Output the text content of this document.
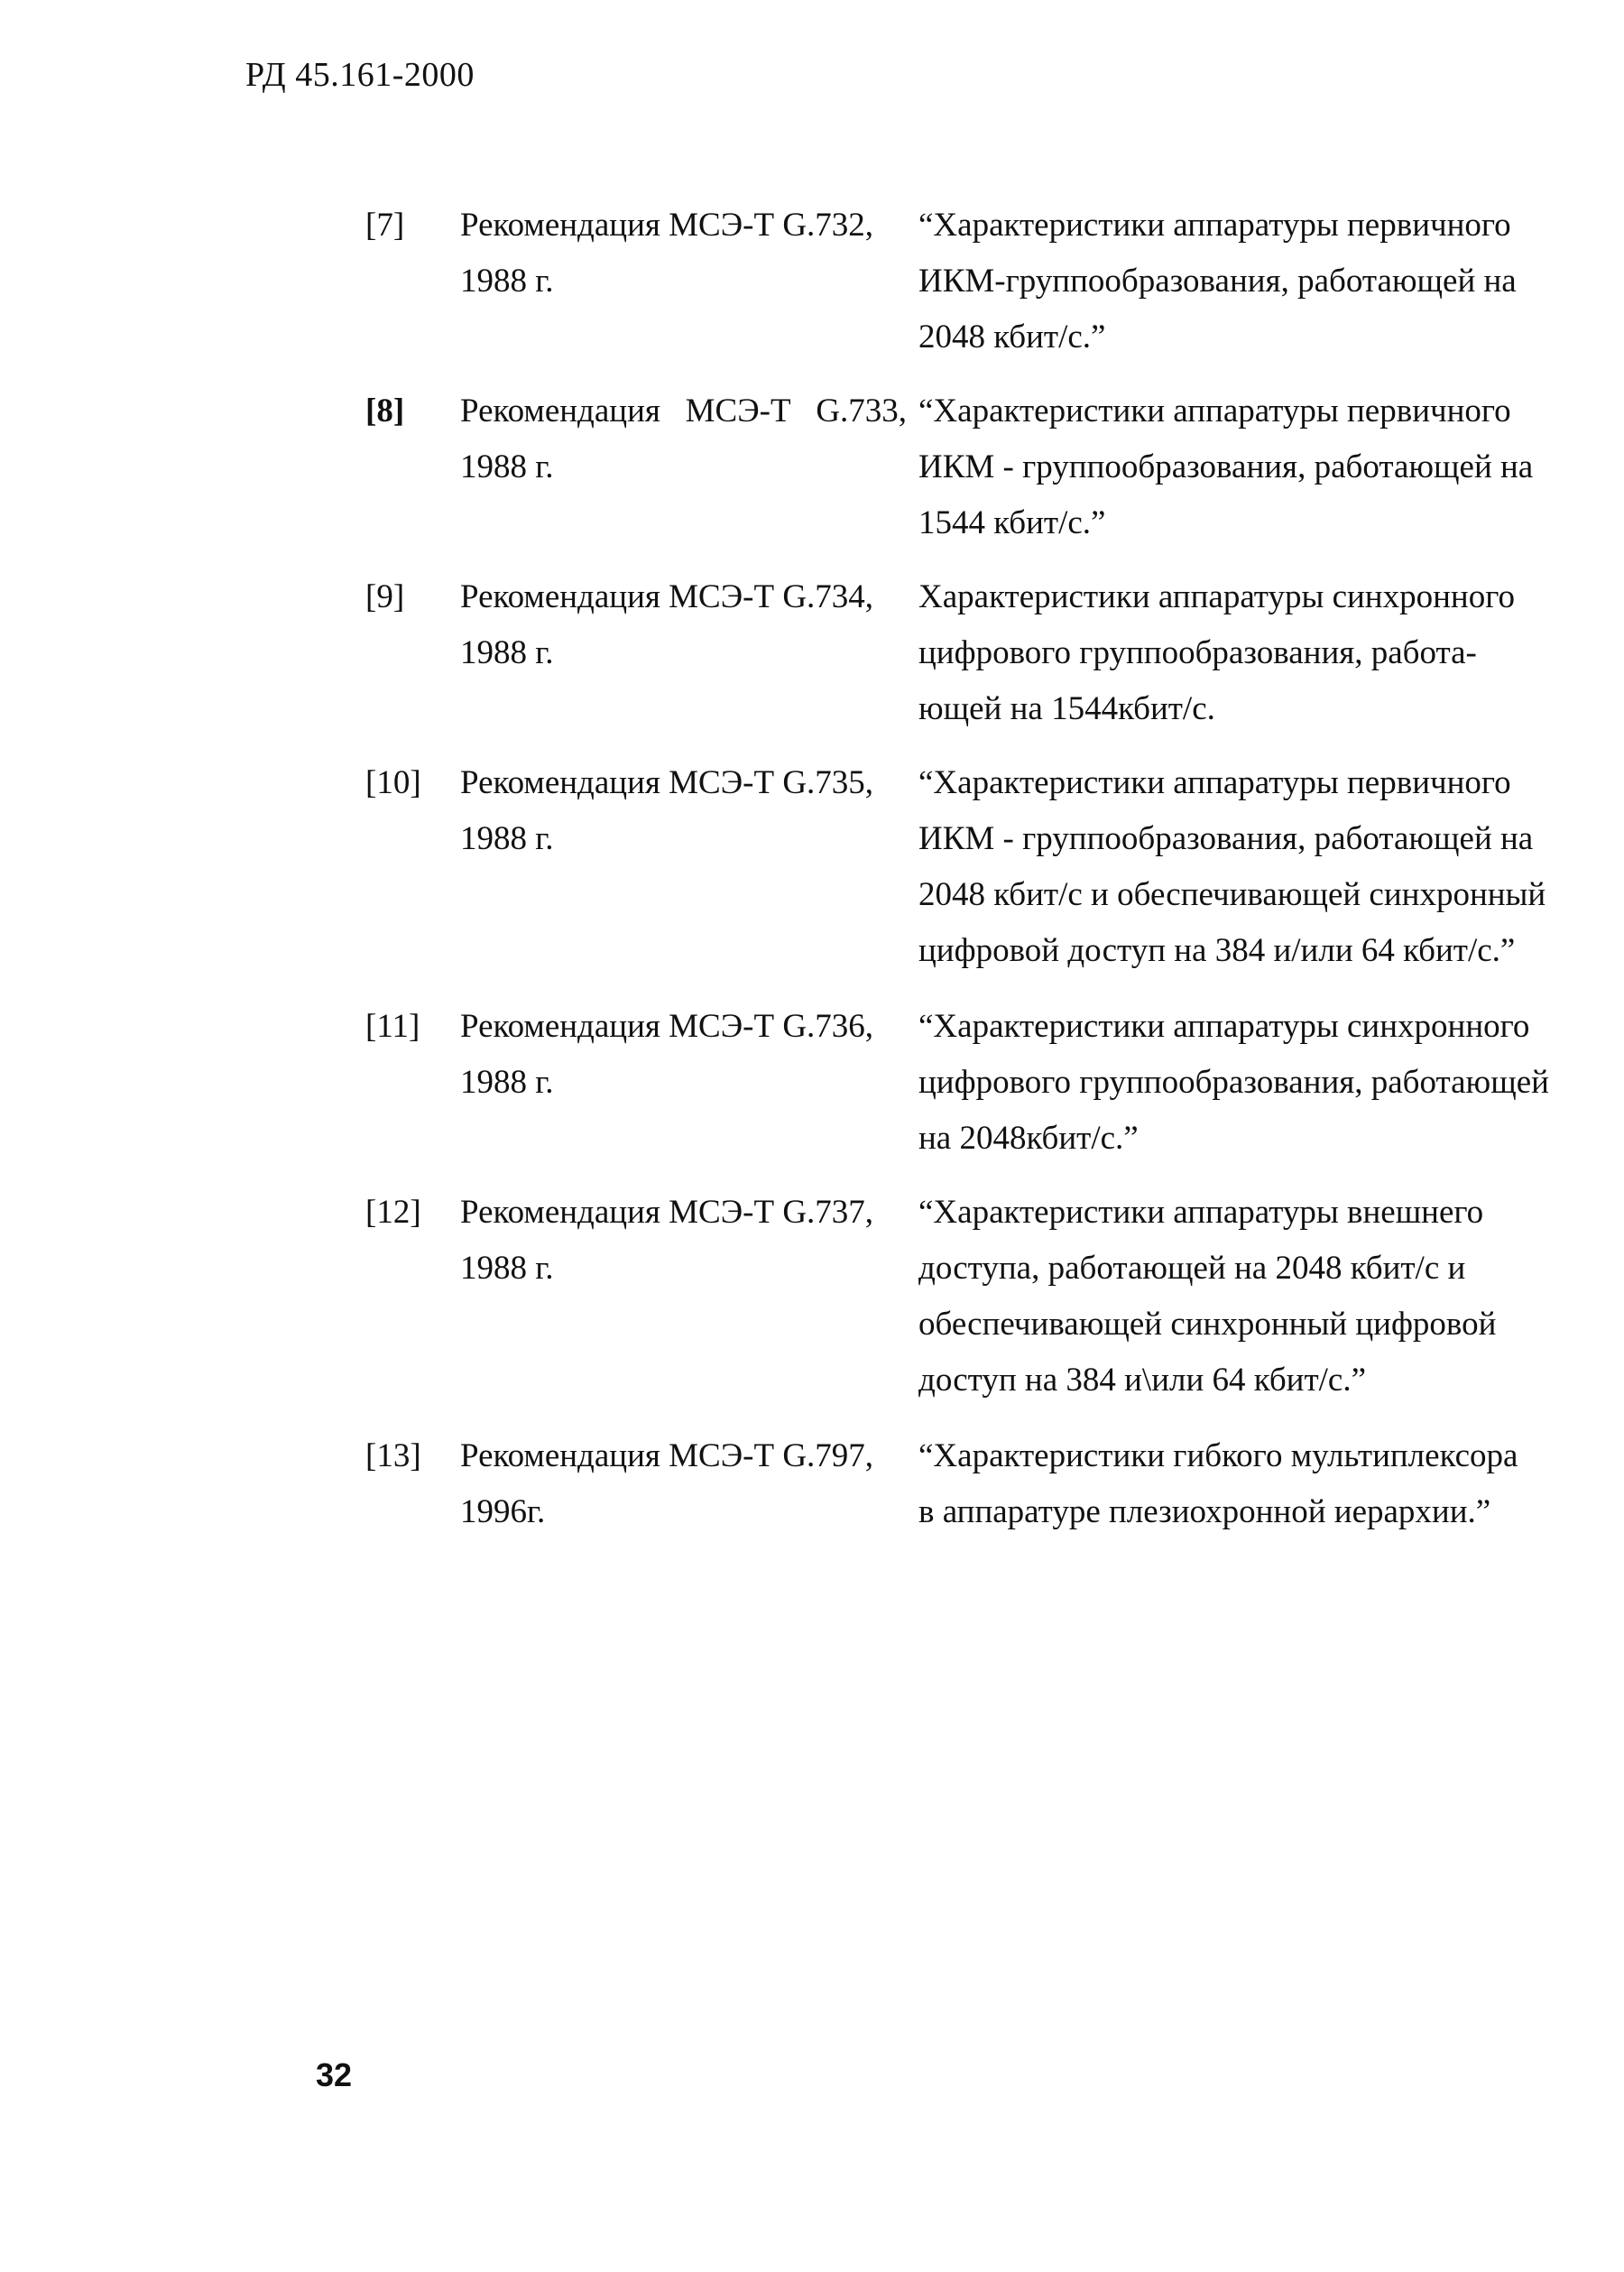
РД 45.161-2000
[7] Рекомендация МСЭ-Т G.732,
1988 г.
“Характеристики аппаратуры первичного
ИКМ-группообразования, работающей на
2048 кбит/с.”
[8] Рекомендация   МСЭ-Т   G.733,
1988 г.
“Характеристики аппаратуры первичного
ИКМ - группообразования, работающей на
1544 кбит/с.”
[9] Рекомендация МСЭ-Т G.734,
1988 г.
Характеристики аппаратуры синхронного
цифрового группообразования, работа-
ющей на 1544кбит/с.
[10] Рекомендация МСЭ-Т G.735,
1988 г.
“Характеристики аппаратуры первичного
ИКМ - группообразования, работающей на
2048 кбит/с и обеспечивающей синхронный
цифровой доступ на 384 и/или 64 кбит/с.”
[11] Рекомендация МСЭ-Т G.736,
1988 г.
“Характеристики аппаратуры синхронного
цифрового группообразования, работающей
на 2048кбит/с.”
[12] Рекомендация МСЭ-Т G.737,
1988 г.
“Характеристики аппаратуры внешнего
доступа, работающей на 2048 кбит/с и
обеспечивающей синхронный цифровой
доступ на 384 и\или 64 кбит/с.”
[13] Рекомендация МСЭ-Т G.797,
1996г.
“Характеристики гибкого мультиплексора
в аппаратуре плезиохронной иерархии.”
32
